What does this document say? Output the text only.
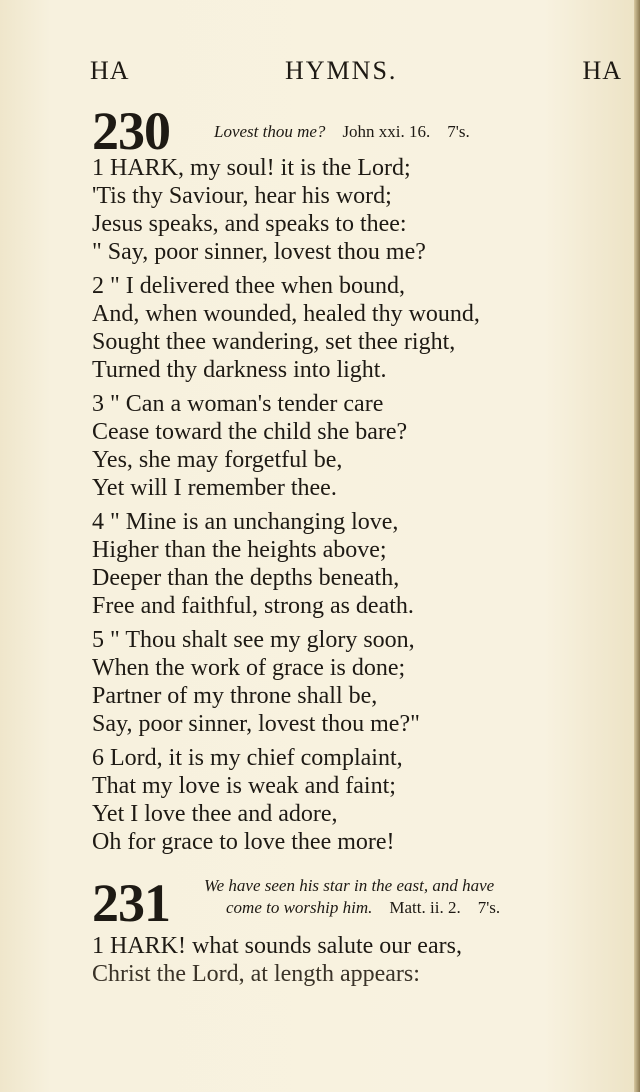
HA	HYMNS.	HA
230	Lovest thou me? John xxi. 16. 7's.
1 HARK, my soul! it is the Lord;
'Tis thy Saviour, hear his word;
Jesus speaks, and speaks to thee:
" Say, poor sinner, lovest thou me?
2 " I delivered thee when bound,
And, when wounded, healed thy wound,
Sought thee wandering, set thee right,
Turned thy darkness into light.
3 " Can a woman's tender care
Cease toward the child she bare?
Yes, she may forgetful be,
Yet will I remember thee.
4 " Mine is an unchanging love,
Higher than the heights above;
Deeper than the depths beneath,
Free and faithful, strong as death.
5 " Thou shalt see my glory soon,
When the work of grace is done;
Partner of my throne shall be,
Say, poor sinner, lovest thou me?"
6 Lord, it is my chief complaint,
That my love is weak and faint;
Yet I love thee and adore,
Oh for grace to love thee more!
231 We have seen his star in the east, and have
come to worship him. Matt. ii. 2. 7's.
1 HARK! what sounds salute our ears,
Christ the Lord, at length appears:
